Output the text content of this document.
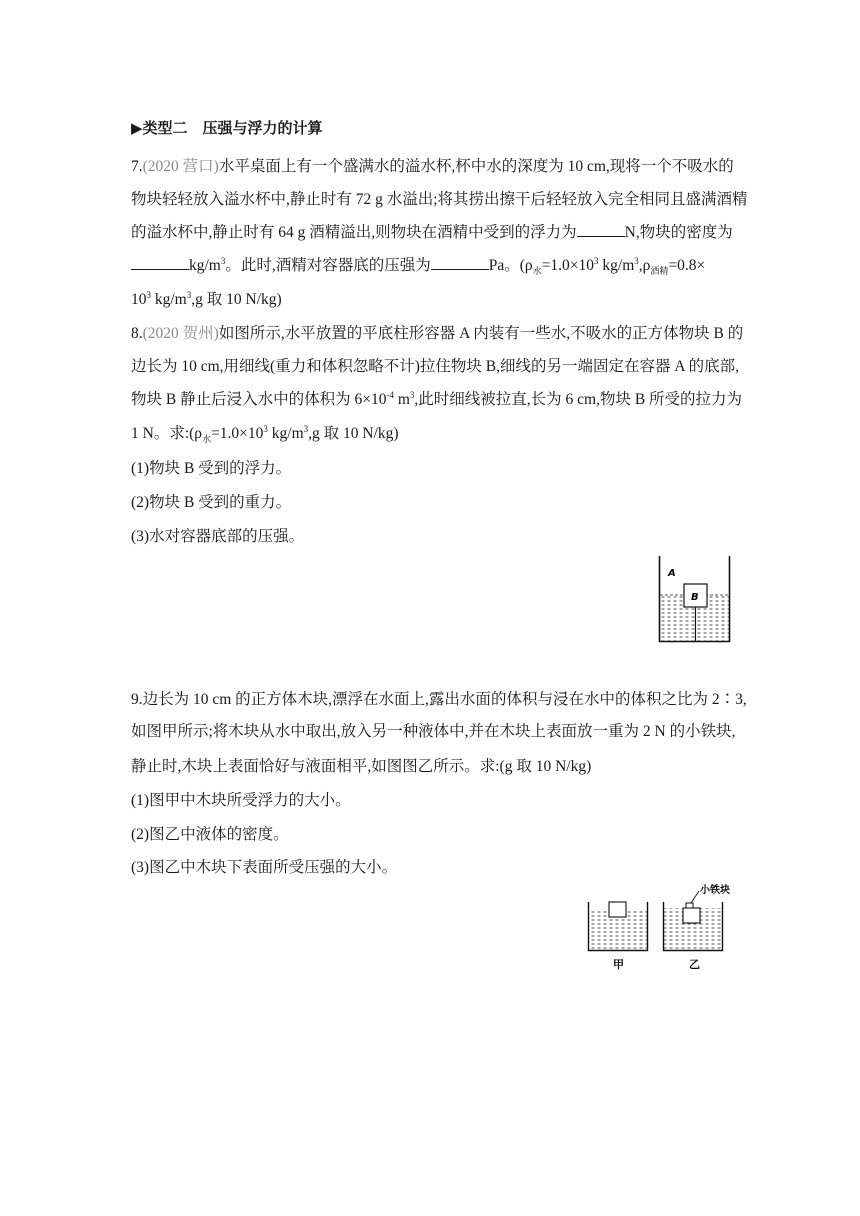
▶类型二　压强与浮力的计算
7.(2020 营口)水平桌面上有一个盛满水的溢水杯,杯中水的深度为 10 cm,现将一个不吸水的
物块轻轻放入溢水杯中,静止时有 72 g 水溢出;将其捞出擦干后轻轻放入完全相同且盛满酒精
的溢水杯中,静止时有 64 g 酒精溢出,则物块在酒精中受到的浮力为	N,物块的密度为
$kg/m^3$。此时,酒精对容器底的压强为	Pa。($\rho_水=1.0\times 10^3$ $kg/m^3,\rho_{酒精}=0.8\times$
$10^3$ $kg/m^3,g$ 取 10 N/kg)
8.(2020 贺州)如图所示,水平放置的平底柱形容器 A 内装有一些水,不吸水的正方体物块 B 的
边长为 10 cm,用细线(重力和体积忽略不计)拉住物块 B,细线的另一端固定在容器 A 的底部,
物块 B 静止后浸入水中的体积为 $6\times 10^{-4}$ $m^3$,此时细线被拉直,长为 6 cm,物块 B 所受的拉力为
1 N。求$:(\rho_水=1.0\times 10^3$ $kg/m^3,g$ 取 10 N/kg)
(1)物块 B 受到的浮力。
(2)物块 B 受到的重力。
(3)水对容器底部的压强。
A
B
9.边长为 10 cm 的正方体木块,漂浮在水面上,露出水面的体积与浸在水中的体积之比为 2∶3,
如图甲所示;将木块从水中取出,放入另一种液体中,并在木块上表面放一重为 2 N 的小铁块,
静止时,木块上表面恰好与液面相平,如图图乙所示。求:(g 取 10 N/kg)
(1)图甲中木块所受浮力的大小。
(2)图乙中液体的密度。
(3)图乙中木块下表面所受压强的大小。
甲	乙
小铁块
